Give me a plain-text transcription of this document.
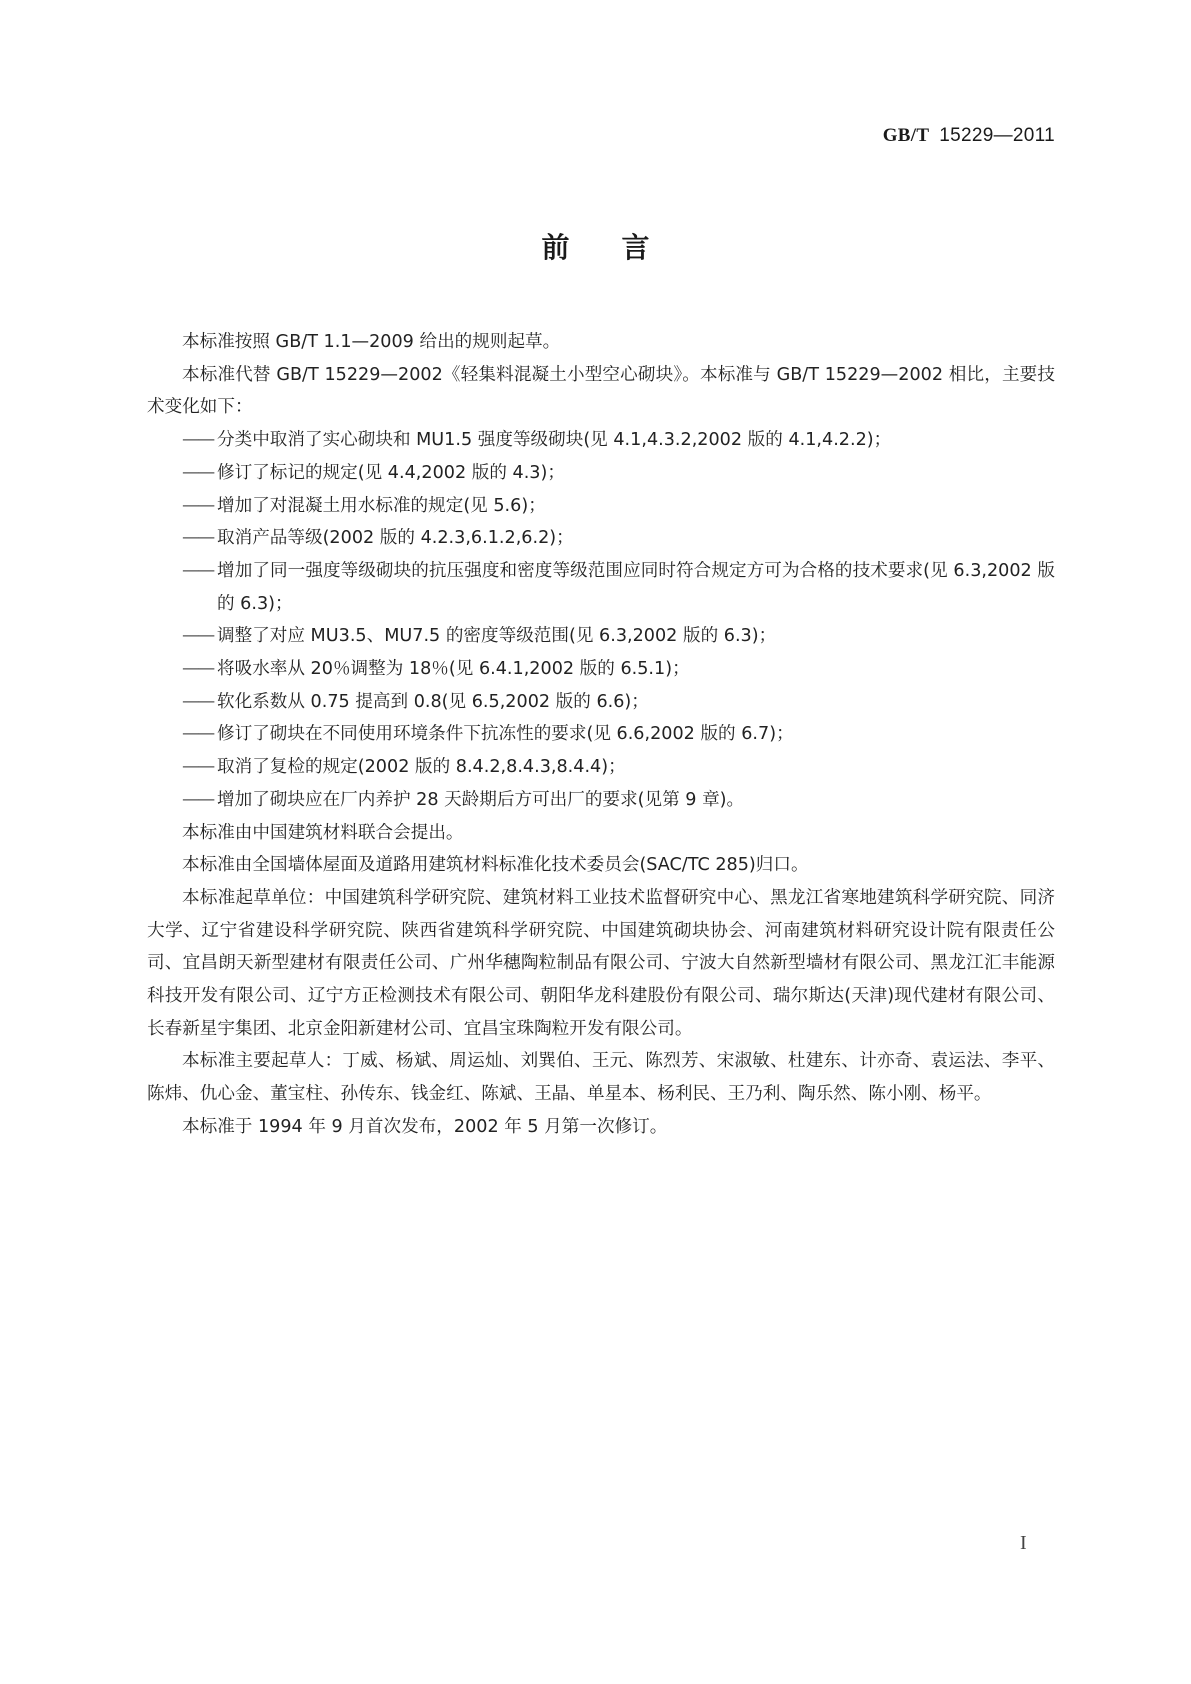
GB/T 15229—2011
前言

本标准按照 GB/T 1.1—2009 给出的规则起草。

本标准代替 GB/T 15229—2002《轻集料混凝土小型空心砌块》。本标准与 GB/T 15229—2002 相比，主要技术变化如下：

—— 分类中取消了实心砌块和 MU1.5 强度等级砌块(见 4.1,4.3.2,2002 版的 4.1,4.2.2)；

—— 修订了标记的规定(见 4.4,2002 版的 4.3)；

—— 增加了对混凝土用水标准的规定(见 5.6)；

—— 取消产品等级(2002 版的 4.2.3,6.1.2,6.2)；

—— 增加了同一强度等级砌块的抗压强度和密度等级范围应同时符合规定方可为合格的技术要求(见 6.3,2002 版的 6.3)；

—— 调整了对应 MU3.5、MU7.5 的密度等级范围(见 6.3,2002 版的 6.3)；

—— 将吸水率从 20％调整为 18％(见 6.4.1,2002 版的 6.5.1)；

—— 软化系数从 0.75 提高到 0.8(见 6.5,2002 版的 6.6)；

—— 修订了砌块在不同使用环境条件下抗冻性的要求(见 6.6,2002 版的 6.7)；

—— 取消了复检的规定(2002 版的 8.4.2,8.4.3,8.4.4)；

—— 增加了砌块应在厂内养护 28 天龄期后方可出厂的要求(见第 9 章)。

本标准由中国建筑材料联合会提出。

本标准由全国墙体屋面及道路用建筑材料标准化技术委员会(SAC/TC 285)归口。

本标准起草单位：中国建筑科学研究院、建筑材料工业技术监督研究中心、黑龙江省寒地建筑科学研究院、同济大学、辽宁省建设科学研究院、陕西省建筑科学研究院、中国建筑砌块协会、河南建筑材料研究设计院有限责任公司、宜昌朗天新型建材有限责任公司、广州华穗陶粒制品有限公司、宁波大自然新型墙材有限公司、黑龙江汇丰能源科技开发有限公司、辽宁方正检测技术有限公司、朝阳华龙科建股份有限公司、瑞尔斯达(天津)现代建材有限公司、长春新星宇集团、北京金阳新建材公司、宜昌宝珠陶粒开发有限公司。

本标准主要起草人：丁威、杨斌、周运灿、刘巽伯、王元、陈烈芳、宋淑敏、杜建东、计亦奇、袁运法、李平、陈炜、仇心金、董宝柱、孙传东、钱金红、陈斌、王晶、单星本、杨利民、王乃利、陶乐然、陈小刚、杨平。

本标准于 1994 年 9 月首次发布，2002 年 5 月第一次修订。

I
